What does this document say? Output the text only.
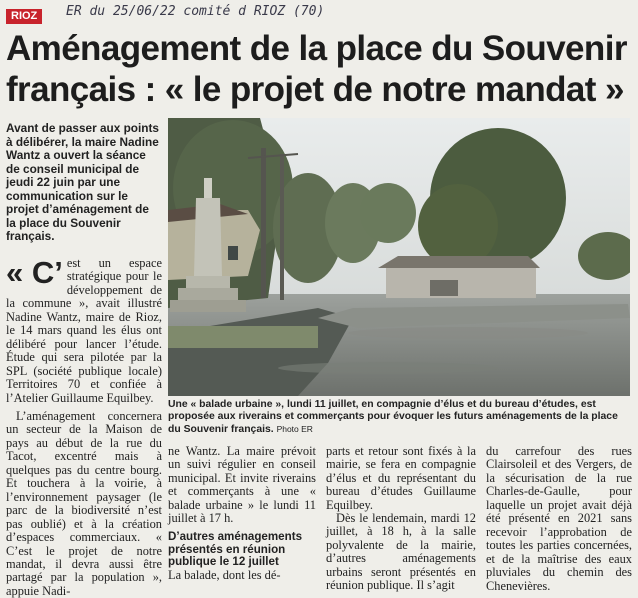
RIOZ	ER du 25/06/22 comité d RIOZ (70)
Aménagement de la place du Souvenir
français : « le projet de notre mandat »
Avant de passer aux points à délibérer, la maire Nadine Wantz a ouvert la séance de conseil municipal de jeudi 22 juin par une communication sur le projet d’aménagement de la place du Souvenir français.
« C’ est un espace stratégique pour le développement de la commune », avait illustré Nadine Wantz, maire de Rioz, le 14 mars quand les élus ont délibéré pour lancer l’étude. Étude qui sera pilotée par la SPL (société publique locale) Territoires 70 et confiée à l’Atelier Guillaume Equilbey.
L’aménagement concernera un secteur de la Maison de pays au début de la rue du Tacot, excentré mais à quelques pas du centre bourg. Et touchera à la voirie, à l’environnement paysager (le parc de la biodiversité n’est pas oublié) et à la création d’espaces commerciaux. « C’est le projet de notre mandat, il devra aussi être partagé par la population », appuie Nadi-
Une « balade urbaine », lundi 11 juillet, en compagnie d’élus et du bureau d’études, est proposée aux riverains et commerçants pour évoquer les futurs aménagements de la place du Souvenir français. Photo ER
ne Wantz. La maire prévoit un suivi régulier en conseil municipal. Et invite riverains et commerçants à une « balade urbaine » le lundi 11 juillet à 17 h.
D’autres aménagements présentés en réunion publique le 12 juillet
La balade, dont les dé-
parts et retour sont fixés à la mairie, se fera en compagnie d’élus et du représentant du bureau d’études Guillaume Equilbey.
Dès le lendemain, mardi 12 juillet, à 18 h, à la salle polyvalente de la mairie, d’autres aménagements urbains seront présentés en réunion publique. Il s’agit
du carrefour des rues Clairsoleil et des Vergers, de la sécurisation de la rue Charles-de-Gaulle, pour laquelle un projet avait déjà été présenté en 2021 sans recevoir l’approbation de toutes les parties concernées, et de la maîtrise des eaux pluviales du chemin des Chenevières.
